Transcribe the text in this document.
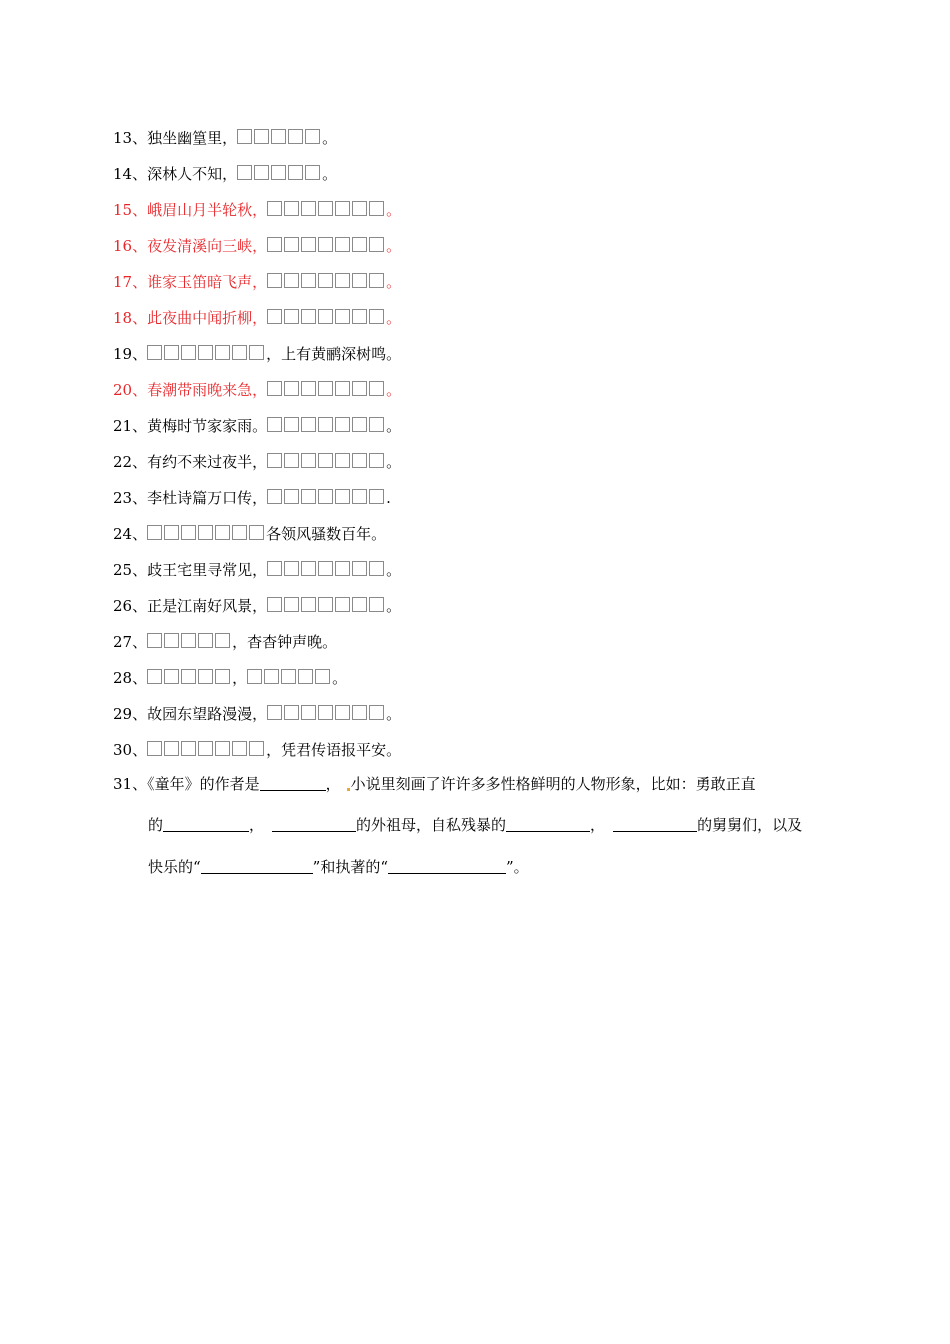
13、独坐幽篁里，	。
14、深林人不知，	。
15、峨眉山月半轮秋，	。
16、夜发清溪向三峡，	。
17、谁家玉笛暗飞声，	。
18、此夜曲中闻折柳，	。
19、	，上有黄鹂深树鸣。
20、春潮带雨晚来急，	。
21、黄梅时节家家雨。	。
22、有约不来过夜半，	。
23、李杜诗篇万口传，	.
24、	各领风骚数百年。
25、歧王宅里寻常见，	。
26、正是江南好风景，	。
27、	，杳杳钟声晚。
28、	，	。
29、故园东望路漫漫，	。
30、	，凭君传语报平安。
31、《童年》的作者是	， 小说里刻画了许许多多性格鲜明的人物形象，比如：勇敢正直
的	，	的外祖母，自私残暴的	，	的舅舅们，以及
快乐的“	”和执著的“	”。
